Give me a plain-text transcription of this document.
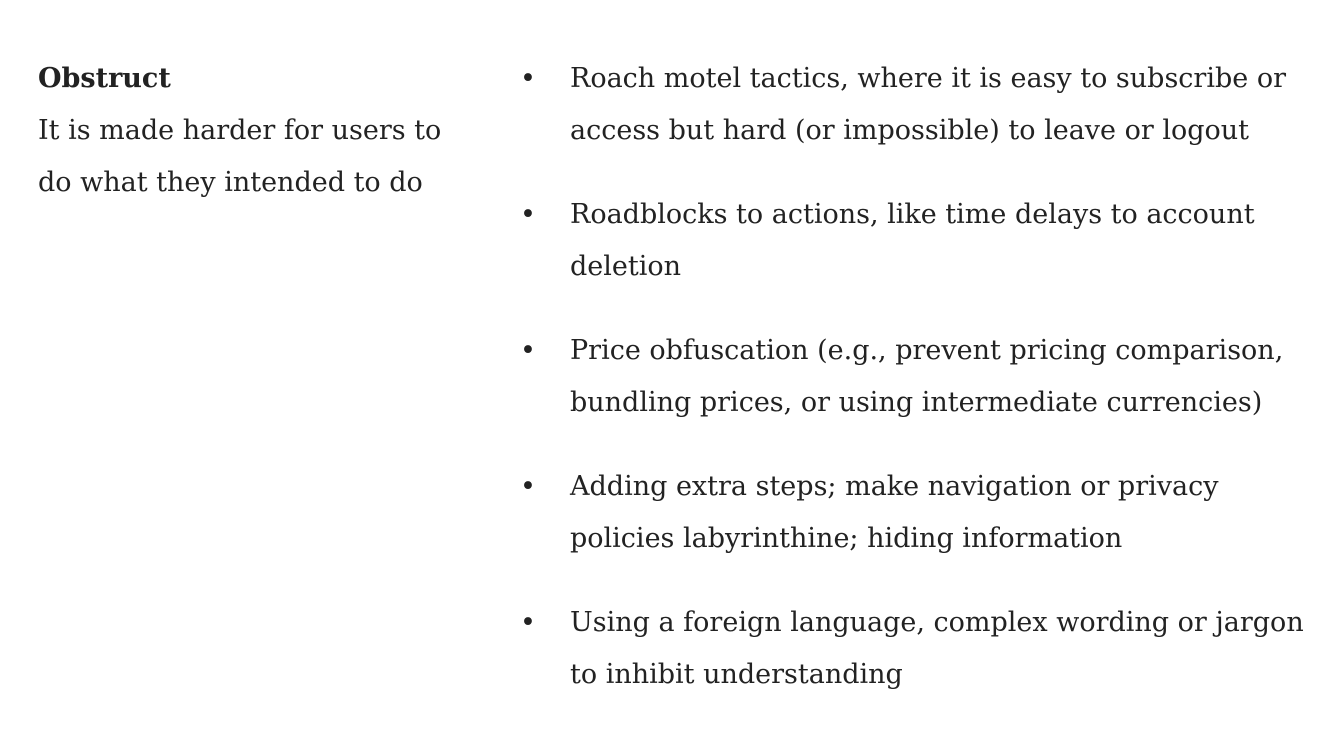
Obstruct
It is made harder for users to do what they intended to do
• Roach motel tactics, where it is easy to subscribe or access but hard (or impossible) to leave or logout
• Roadblocks to actions, like time delays to account deletion
• Price obfuscation (e.g., prevent pricing comparison, bundling prices, or using intermediate currencies)
• Adding extra steps; make navigation or privacy policies labyrinthine; hiding information
• Using a foreign language, complex wording or jargon to inhibit understanding
